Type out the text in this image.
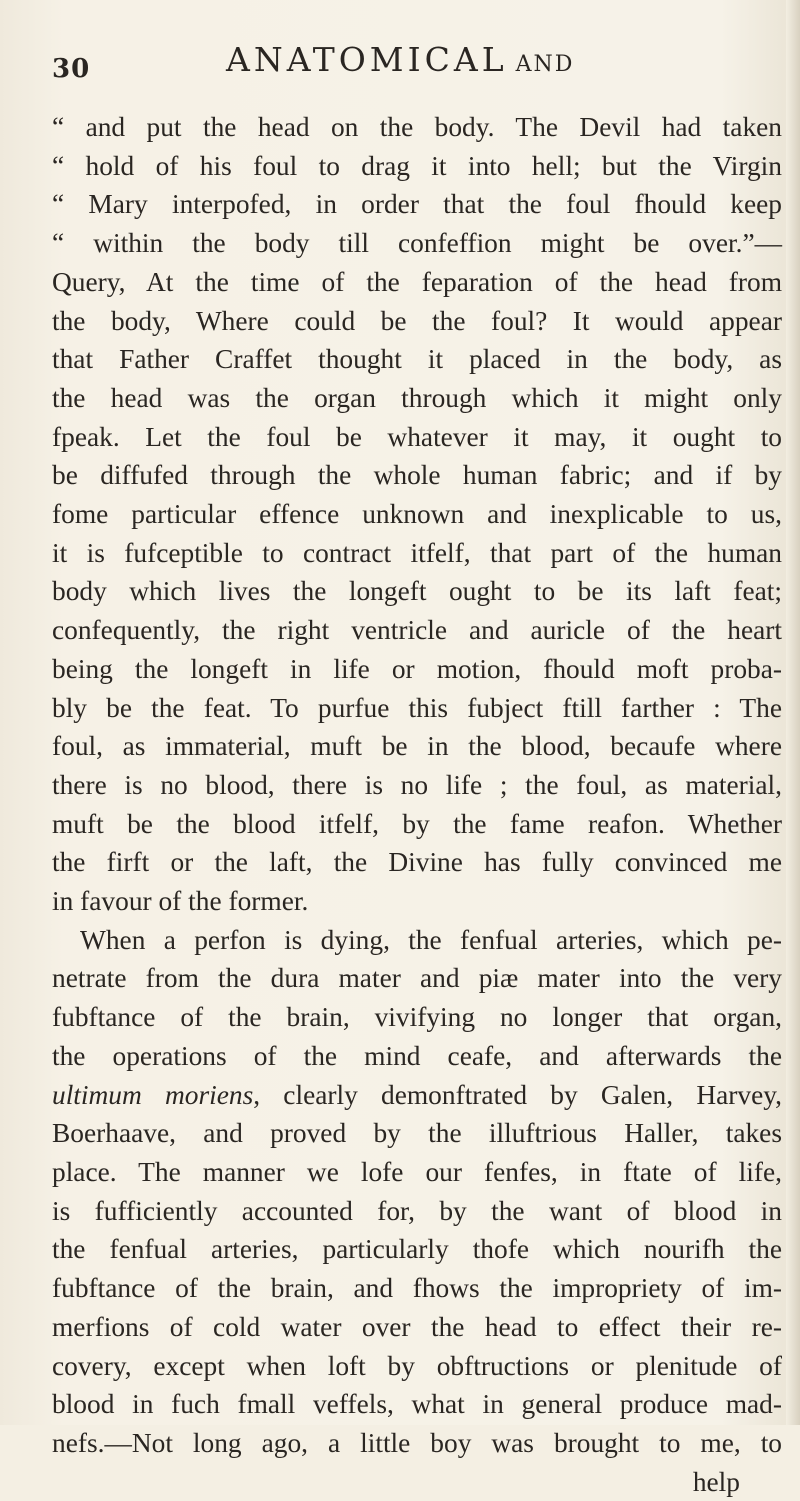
30	ANATOMICAL AND
“ and put the head on the body. The Devil had taken
“ hold of his foul to drag it into hell; but the Virgin
“ Mary interpofed, in order that the foul fhould keep
“ within the body till confeffion might be over.”—
Query, At the time of the feparation of the head from
the body, Where could be the foul? It would appear
that Father Craffet thought it placed in the body, as
the head was the organ through which it might only
fpeak. Let the foul be whatever it may, it ought to
be diffufed through the whole human fabric; and if by
fome particular effence unknown and inexplicable to us,
it is fufceptible to contract itfelf, that part of the human
body which lives the longeft ought to be its laft feat;
confequently, the right ventricle and auricle of the heart
being the longeft in life or motion, fhould moft proba-
bly be the feat. To purfue this fubject ftill farther : The
foul, as immaterial, muft be in the blood, becaufe where
there is no blood, there is no life ; the foul, as material,
muft be the blood itfelf, by the fame reafon. Whether
the firft or the laft, the Divine has fully convinced me
in favour of the former.
When a perfon is dying, the fenfual arteries, which pe-
netrate from the dura mater and piæ mater into the very
fubftance of the brain, vivifying no longer that organ,
the operations of the mind ceafe, and afterwards the
ultimum moriens, clearly demonftrated by Galen, Harvey,
Boerhaave, and proved by the illuftrious Haller, takes
place. The manner we lofe our fenfes, in ftate of life,
is fufficiently accounted for, by the want of blood in
the fenfual arteries, particularly thofe which nourifh the
fubftance of the brain, and fhows the impropriety of im-
merfions of cold water over the head to effect their re-
covery, except when loft by obftructions or plenitude of
blood in fuch fmall veffels, what in general produce mad-
nefs.—Not long ago, a little boy was brought to me, to
help
